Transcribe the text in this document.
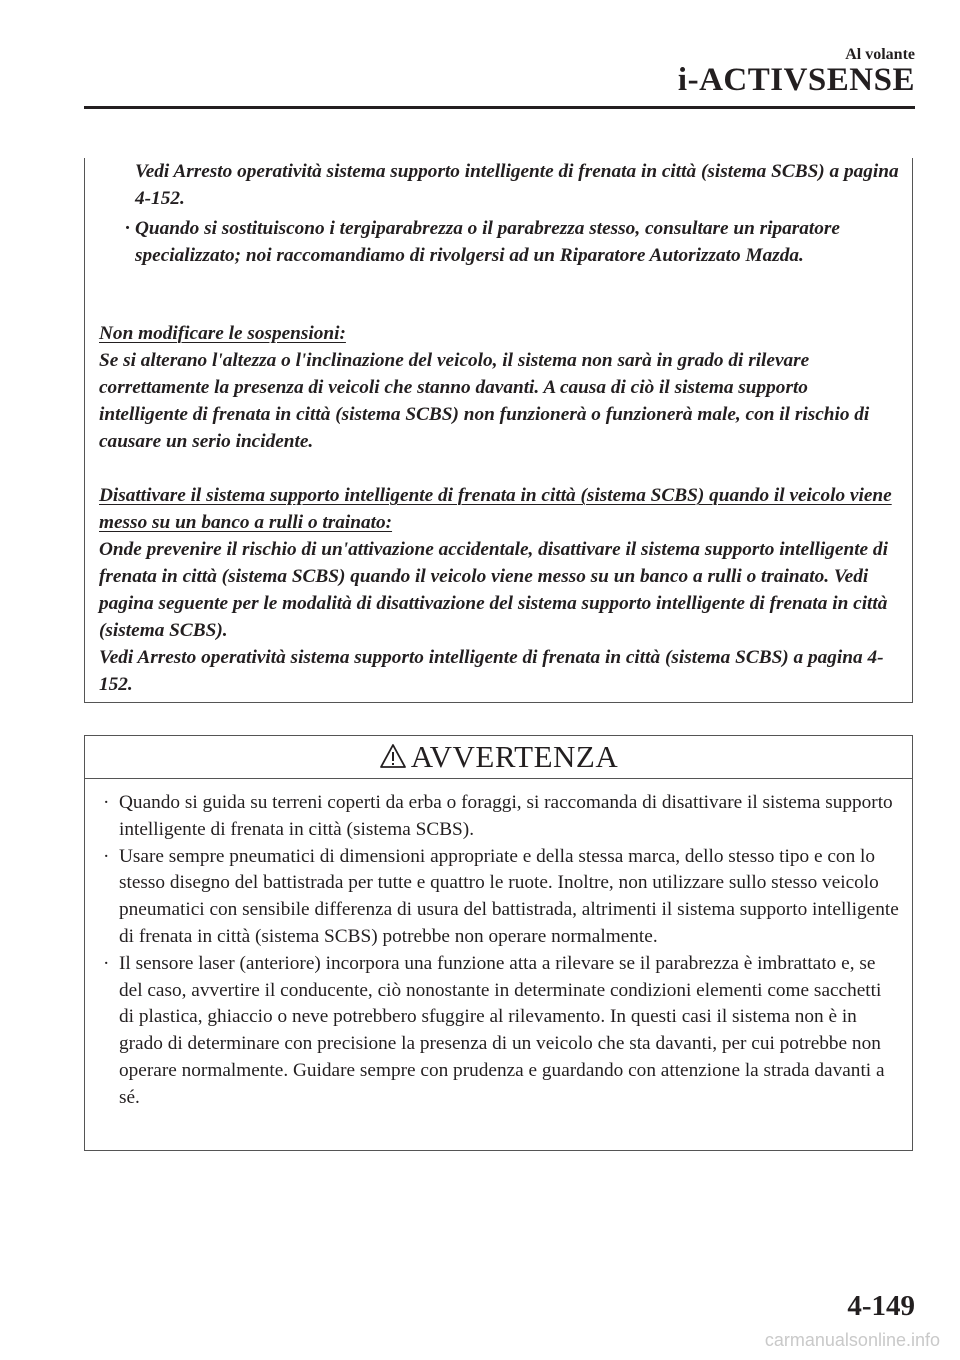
Al volante
i-ACTIVSENSE
Vedi Arresto operatività sistema supporto intelligente di frenata in città (sistema SCBS) a pagina 4-152.
· Quando si sostituiscono i tergiparabrezza o il parabrezza stesso, consultare un riparatore specializzato; noi raccomandiamo di rivolgersi ad un Riparatore Autorizzato Mazda.
Non modificare le sospensioni:
Se si alterano l'altezza o l'inclinazione del veicolo, il sistema non sarà in grado di rilevare correttamente la presenza di veicoli che stanno davanti. A causa di ciò il sistema supporto intelligente di frenata in città (sistema SCBS) non funzionerà o funzionerà male, con il rischio di causare un serio incidente.
Disattivare il sistema supporto intelligente di frenata in città (sistema SCBS) quando il veicolo viene messo su un banco a rulli o trainato:
Onde prevenire il rischio di un'attivazione accidentale, disattivare il sistema supporto intelligente di frenata in città (sistema SCBS) quando il veicolo viene messo su un banco a rulli o trainato. Vedi pagina seguente per le modalità di disattivazione del sistema supporto intelligente di frenata in città (sistema SCBS).
Vedi Arresto operatività sistema supporto intelligente di frenata in città (sistema SCBS) a pagina 4-152.
AVVERTENZA
· Quando si guida su terreni coperti da erba o foraggi, si raccomanda di disattivare il sistema supporto intelligente di frenata in città (sistema SCBS).
· Usare sempre pneumatici di dimensioni appropriate e della stessa marca, dello stesso tipo e con lo stesso disegno del battistrada per tutte e quattro le ruote. Inoltre, non utilizzare sullo stesso veicolo pneumatici con sensibile differenza di usura del battistrada, altrimenti il sistema supporto intelligente di frenata in città (sistema SCBS) potrebbe non operare normalmente.
· Il sensore laser (anteriore) incorpora una funzione atta a rilevare se il parabrezza è imbrattato e, se del caso, avvertire il conducente, ciò nonostante in determinate condizioni elementi come sacchetti di plastica, ghiaccio o neve potrebbero sfuggire al rilevamento. In questi casi il sistema non è in grado di determinare con precisione la presenza di un veicolo che sta davanti, per cui potrebbe non operare normalmente. Guidare sempre con prudenza e guardando con attenzione la strada davanti a sé.
4-149
carmanualsonline.info
